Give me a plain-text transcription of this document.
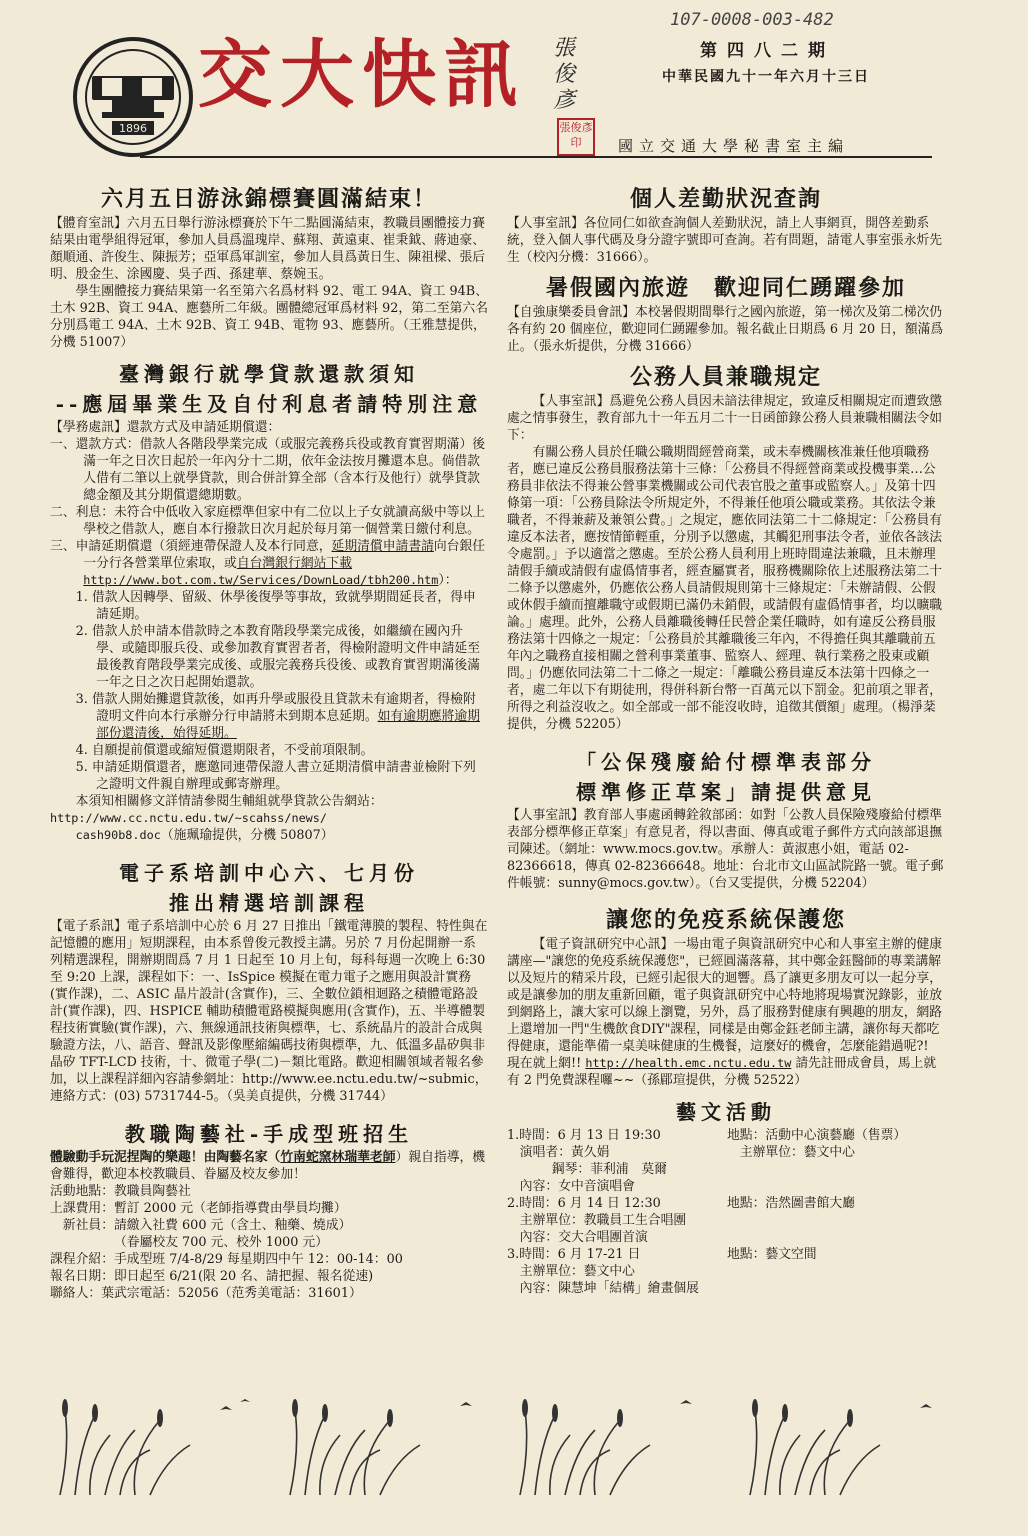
1896
交大快訊 張俊彥
張俊彥印
107-0008-003-482
第四八二期
中華民國九十一年六月十三日
國立交通大學秘書室主編
六月五日游泳錦標賽圓滿結束！

【體育室訊】六月五日舉行游泳標賽於下午二點圓滿結束，教職員團體接力賽結果由電學組得冠軍，參加人員爲溫瑰岸、蘇翔、黃遠東、崔秉鉞、蔣迪豪、顏順通、許俊生、陳振芳；亞軍爲軍訓室，參加人員爲黃日生、陳祖樑、張后明、殷金生、涂國慶、吳子西、孫建華、蔡婉玉。

學生團體接力賽結果第一名至第六名爲材料 92、電工 94A、資工 94B、土木 92B、資工 94A、應藝所二年級。團體總冠軍爲材料 92，第二至第六名分別爲電工 94A、土木 92B、資工 94B、電物 93、應藝所。（王雅慧提供，分機 51007）

臺灣銀行就學貸款還款須知
--應屆畢業生及自付利息者請特別注意

【學務處訊】還款方式及申請延期償還：

一、還款方式：借款人各階段學業完成（或服完義務兵役或教育實習期滿）後滿一年之日次日起於一年內分十二期，依年金法按月攤還本息。倘借款人借有二筆以上就學貸款，則合併計算全部（含本行及他行）就學貸款總金額及其分期償還總期數。

二、利息：未符合中低收入家庭標準但家中有二位以上子女就讀高級中等以上學校之借款人，應自本行撥款日次月起於每月第一個營業日繳付利息。

三、申請延期償還（須經連帶保證人及本行同意，延期清償申請書請向台銀任一分行各營業單位索取，或自台灣銀行網站下載
http://www.bot.com.tw/Services/DownLoad/tbh200.htm）：

1. 借款人因轉學、留級、休學後復學等事故，致就學期間延長者，得申請延期。

2. 借款人於申請本借款時之本教育階段學業完成後，如繼續在國內升學、或隨即服兵役、或參加教育實習者者，得檢附證明文件申請延至最後教育階段學業完成後、或服完義務兵役後、或教育實習期滿後滿一年之日之次日起開始還款。

3. 借款人開始攤還貸款後，如再升學或服役且貸款未有逾期者，得檢附證明文件向本行承辦分行申請將未到期本息延期。如有逾期應將逾期部份還清後，始得延期。

4. 自願提前償還或縮短償還期限者，不受前項限制。

5. 申請延期償還者，應邀同連帶保證人書立延期清償申請書並檢附下列之證明文件親自辦理或郵寄辦理。

本須知相關修文詳情請參閱生輔組就學貸款公告網站：

http://www.cc.nctu.edu.tw/~scahss/news/
  cash90b8.doc（施珮瑜提供，分機 50807）

電子系培訓中心六、七月份
推出精選培訓課程

【電子系訊】電子系培訓中心於 6 月 27 日推出「鐵電薄膜的製程、特性與在記憶體的應用」短期課程，由本系曾俊元教授主講。另於 7 月份起開辦一系列精選課程，開辦期間爲 7 月 1 日起至 10 月上旬，每科每週一次晚上 6:30 至 9:20 上課，課程如下：一、IsSpice 模擬在電力電子之應用與設計實務(實作課)，二、ASIC 晶片設計(含實作)，三、全數位鎖相迴路之積體電路設計(實作課)，四、HSPICE 輔助積體電路模擬與應用(含實作)，五、半導體製程技術實驗(實作課)，六、無線通訊技術與標準，七、系統晶片的設計合成與驗證方法，八、語音、聲訊及影像壓縮編碼技術與標準，九、低溫多晶矽與非晶矽 TFT-LCD 技術，十、微電子學(二)－類比電路。歡迎相關領域者報名參加，以上課程詳細內容請參網址：http://www.ee.nctu.edu.tw/~submic，連絡方式：(03) 5731744-5。（吳美貞提供，分機 31744）

教職陶藝社-手成型班招生

體驗動手玩泥捏陶的樂趣！由陶藝名家（竹南蛇窯林瑞華老師）親自指導，機會難得，歡迎本校教職員、眷屬及校友參加！

活動地點：教職員陶藝社

上課費用：暫訂 2000 元（老師指導費由學員均攤）

新社員：請繳入社費 600 元（含土、釉藥、燒成）

（眷屬校友 700 元、校外 1000 元）

課程介紹：手成型班 7/4-8/29 每星期四中午 12：00-14：00

報名日期：即日起至 6/21(限 20 名、請把握、報名從速)

聯絡人：葉武宗電話：52056（范秀美電話：31601）

個人差勤狀況查詢

【人事室訊】各位同仁如欲查詢個人差勤狀況，請上人事網頁，開啓差勤系統，登入個人事代碼及身分證字號即可查詢。若有問題，請電人事室張永炘先生（校內分機：31666）。

暑假國內旅遊　歡迎同仁踴躍參加

【自強康樂委員會訊】本校暑假期間舉行之國內旅遊，第一梯次及第二梯次仍各有約 20 個座位，歡迎同仁踴躍參加。報名截止日期爲 6 月 20 日，額滿爲止。（張永炘提供，分機 31666）

公務人員兼職規定

【人事室訊】爲避免公務人員因未諳法律規定，致違反相關規定而遭致懲處之情事發生，教育部九十一年五月二十一日函節錄公務人員兼職相關法令如下：

有關公務人員於任職公職期間經營商業，或未奉機關核准兼任他項職務者，應已違反公務員服務法第十三條：「公務員不得經營商業或投機事業…公務員非依法不得兼公營事業機關或公司代表官股之董事或監察人。」及第十四條第一項：「公務員除法令所規定外，不得兼任他項公職或業務。其依法令兼職者，不得兼薪及兼領公費。」之規定，應依同法第二十二條規定：「公務員有違反本法者，應按情節輕重，分別予以懲處，其觸犯刑事法令者，並依各該法令處罰。」予以適當之懲處。至於公務人員利用上班時間違法兼職，且未辦理請假手續或請假有虛僞情事者，經查屬實者，服務機關除依上述服務法第二十二條予以懲處外，仍應依公務人員請假規則第十三條規定：「未辦請假、公假或休假手續而擅離職守或假期已滿仍未銷假，或請假有虛僞情事者，均以曠職論。」處理。此外，公務人員離職後轉任民營企業任職時，如有違反公務員服務法第十四條之一規定：「公務員於其離職後三年內，不得擔任與其離職前五年內之職務直接相關之營利事業董事、監察人、經理、執行業務之股東或顧問。」仍應依同法第二十二條之一規定：「離職公務員違反本法第十四條之一者，處二年以下有期徒刑，得併科新台幣一百萬元以下罰金。犯前項之罪者，所得之利益沒收之。如全部或一部不能沒收時，追徵其價額」處理。（楊淨棻提供，分機 52205）

「公保殘廢給付標準表部分
標準修正草案」請提供意見

【人事室訊】教育部人事處函轉銓敘部函：如對「公教人員保險殘廢給付標準表部分標準修正草案」有意見者，得以書面、傳真或電子郵件方式向該部退撫司陳述。（網址：www.mocs.gov.tw。承辦人：黃淑惠小姐，電話 02-82366618，傳真 02-82366648。地址：台北市文山區試院路一號。電子郵件帳號：sunny@mocs.gov.tw）。（台又雯提供，分機 52204）

讓您的免疫系統保護您

【電子資訊研究中心訊】一場由電子與資訊研究中心和人事室主辦的健康講座—"讓您的免疫系統保護您"，已經圓滿落幕，其中鄭金鈺醫師的專業講解以及短片的精采片段，已經引起很大的迴響。爲了讓更多朋友可以一起分享，或是讓參加的朋友重新回顧，電子與資訊研究中心特地將現場實況錄影，並放到網路上，讓大家可以線上瀏覽，另外，爲了服務對健康有興趣的朋友，網路上還增加一門"生機飲食DIY"課程，同樣是由鄭金鈺老師主講，讓你每天都吃得健康，還能準備一桌美味健康的生機餐，這麼好的機會，怎麼能錯過呢?!

現在就上網!! http://health.emc.nctu.edu.tw 請先註冊成會員，馬上就有 2 門免費課程囉~~（孫郿瑄提供，分機 52522）

藝文活動
1.時間：6 月 13 日 19:30	地點：活動中心演藝廳（售票）
演唱者：黃久娟	主辦單位：藝文中心

鋼琴：菲利浦　莫爾

內容：女中音演唱會

2.時間：6 月 14 日 12:30	地點：浩然圖書館大廳

主辦單位：教職員工生合唱團

內容：交大合唱團首演

3.時間：6 月 17-21 日	地點：藝文空間

主辦單位：藝文中心

內容：陳慧坤「結構」繪畫個展
